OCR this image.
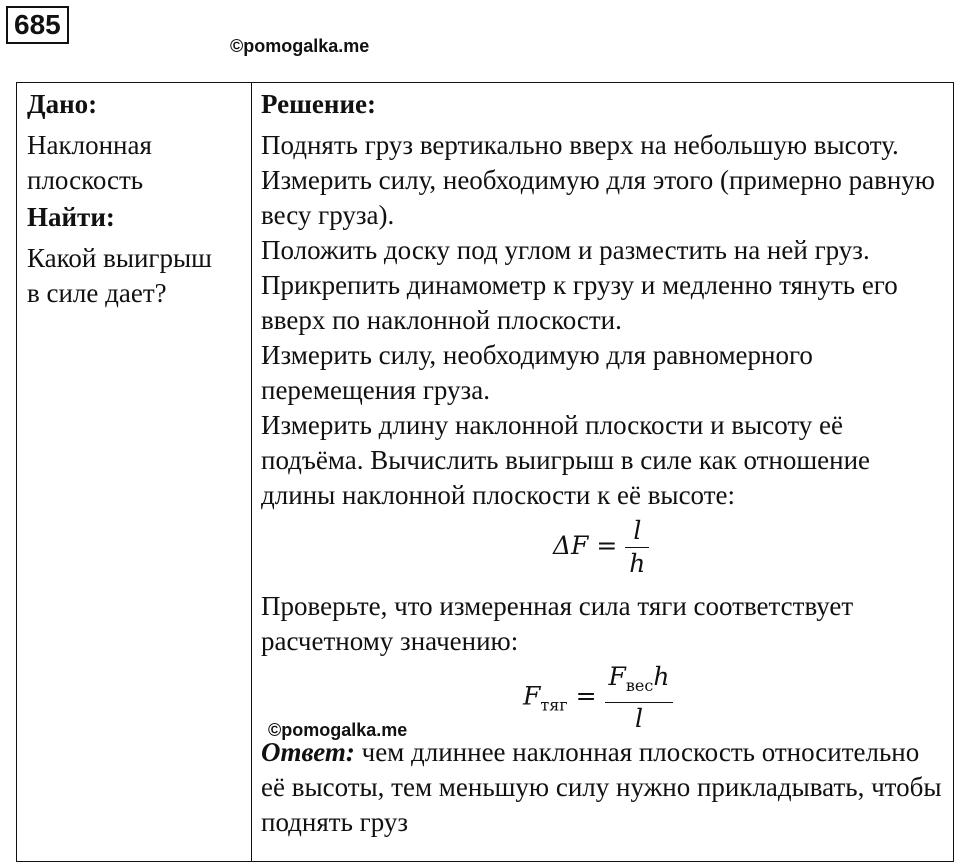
685
©pomogalka.me

Дано:

Наклонная

плоскость

Найти:

Какой выигрыш

в силе дает?

Решение:

Поднять груз вертикально вверх на небольшую высоту. Измерить силу, необходимую для этого (примерно равную весу груза).

Положить доску под углом и разместить на ней груз. Прикрепить динамометр к грузу и медленно тянуть его вверх по наклонной плоскости.

Измерить силу, необходимую для равномерного перемещения груза.

Измерить длину наклонной плоскости и высоту её подъёма. Вычислить выигрыш в силе как отношение длины наклонной плоскости к её высоте:

$\Delta F = \frac{l}{h}$

Проверьте, что измеренная сила тяги соответствует расчетному значению:

$F_{тяг} = \frac{F_{вес}h}{l}$

Ответ: чем длиннее наклонная плоскость относительно её высоты, тем меньшую силу нужно прикладывать, чтобы поднять груз

©pomogalka.me
